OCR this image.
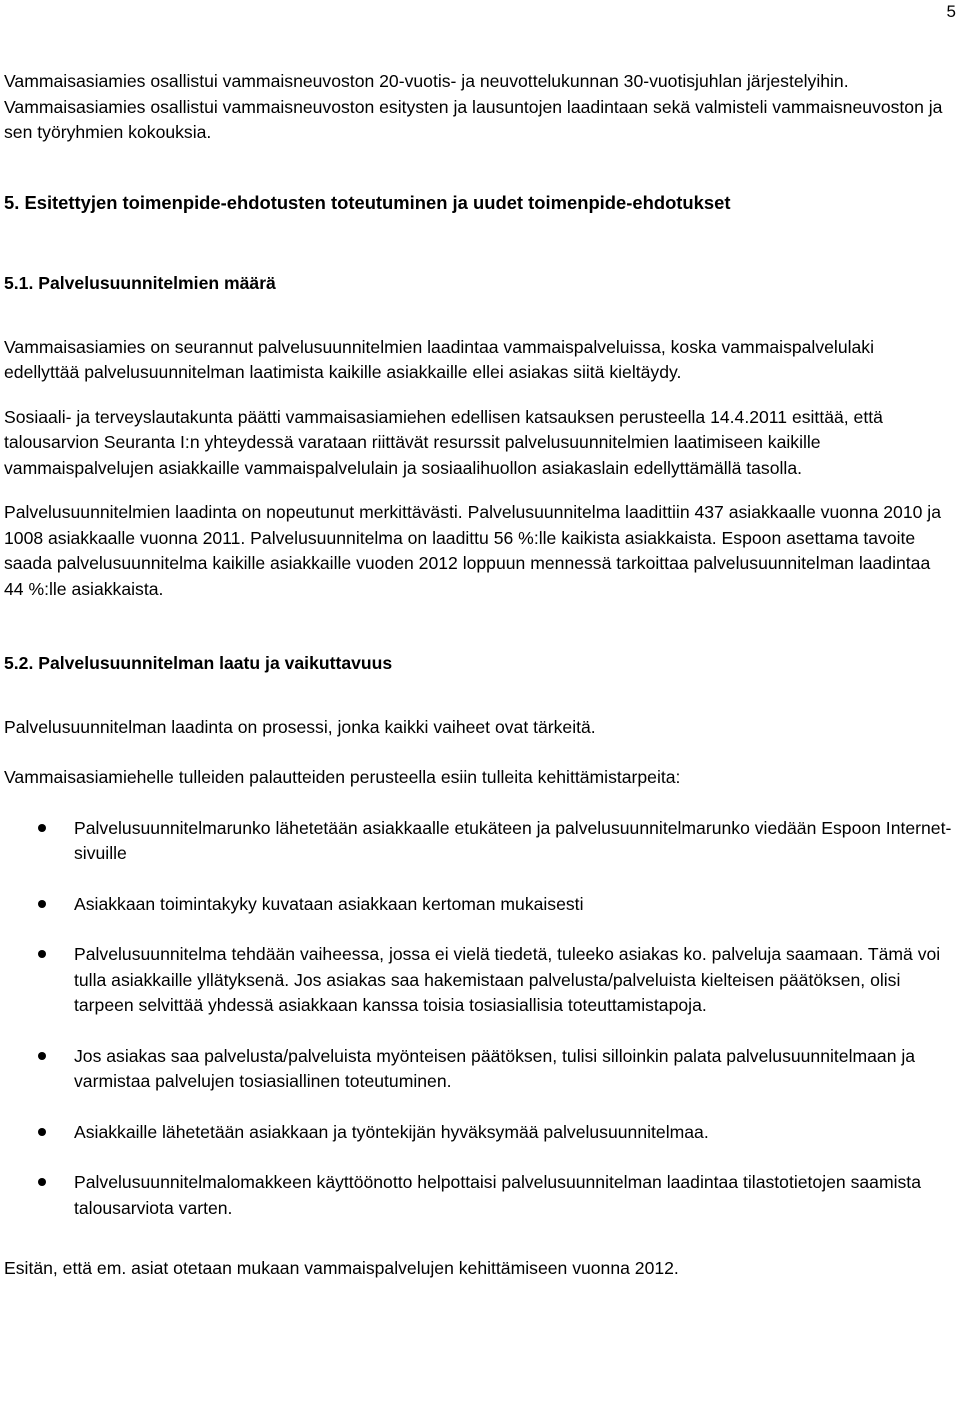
5

Vammaisasiamies osallistui vammaisneuvoston 20-vuotis- ja neuvottelukunnan 30-vuotisjuhlan järjestelyihin. Vammaisasiamies osallistui vammaisneuvoston esitysten ja lausuntojen laadintaan sekä valmisteli vammaisneuvoston ja sen työryhmien kokouksia.

5. Esitettyjen toimenpide-ehdotusten toteutuminen ja uudet toimenpide-ehdotukset

5.1. Palvelusuunnitelmien määrä

Vammaisasiamies on seurannut palvelusuunnitelmien laadintaa vammaispalveluissa, koska vammaispalvelulaki edellyttää palvelusuunnitelman laatimista kaikille asiakkaille ellei asiakas siitä kieltäydy.

Sosiaali- ja terveyslautakunta päätti vammaisasiamiehen edellisen katsauksen perusteella 14.4.2011 esittää, että talousarvion Seuranta I:n yhteydessä varataan riittävät resurssit palvelusuunnitelmien laatimiseen kaikille vammaispalvelujen asiakkaille vammaispalvelulain ja sosiaalihuollon asiakaslain edellyttämällä tasolla.

Palvelusuunnitelmien laadinta on nopeutunut merkittävästi. Palvelusuunnitelma laadittiin 437 asiakkaalle vuonna 2010 ja 1008 asiakkaalle vuonna 2011. Palvelusuunnitelma on laadittu 56 %:lle kaikista asiakkaista. Espoon asettama tavoite saada palvelusuunnitelma kaikille asiakkaille vuoden 2012 loppuun mennessä tarkoittaa palvelusuunnitelman laadintaa 44 %:lle asiakkaista.

5.2. Palvelusuunnitelman laatu ja vaikuttavuus

Palvelusuunnitelman laadinta on prosessi, jonka kaikki vaiheet ovat tärkeitä.

Vammaisasiamiehelle tulleiden palautteiden perusteella esiin tulleita kehittämistarpeita:

Palvelusuunnitelmarunko lähetetään asiakkaalle etukäteen ja palvelusuunnitelmarunko viedään Espoon Internet-sivuille
Asiakkaan toimintakyky kuvataan asiakkaan kertoman mukaisesti
Palvelusuunnitelma tehdään vaiheessa, jossa ei vielä tiedetä, tuleeko asiakas ko. palveluja saamaan. Tämä voi tulla asiakkaille yllätyksenä. Jos asiakas saa hakemistaan palvelusta/palveluista kielteisen päätöksen, olisi tarpeen selvittää yhdessä asiakkaan kanssa toisia tosiasiallisia toteuttamistapoja.
Jos asiakas saa palvelusta/palveluista myönteisen päätöksen, tulisi silloinkin palata palvelusuunnitelmaan ja varmistaa palvelujen tosiasiallinen toteutuminen.
Asiakkaille lähetetään asiakkaan ja työntekijän hyväksymää palvelusuunnitelmaa.
Palvelusuunnitelmalomakkeen käyttöönotto helpottaisi palvelusuunnitelman laadintaa tilastotietojen saamista talousarviota varten.

Esitän, että em. asiat otetaan mukaan vammaispalvelujen kehittämiseen vuonna 2012.
